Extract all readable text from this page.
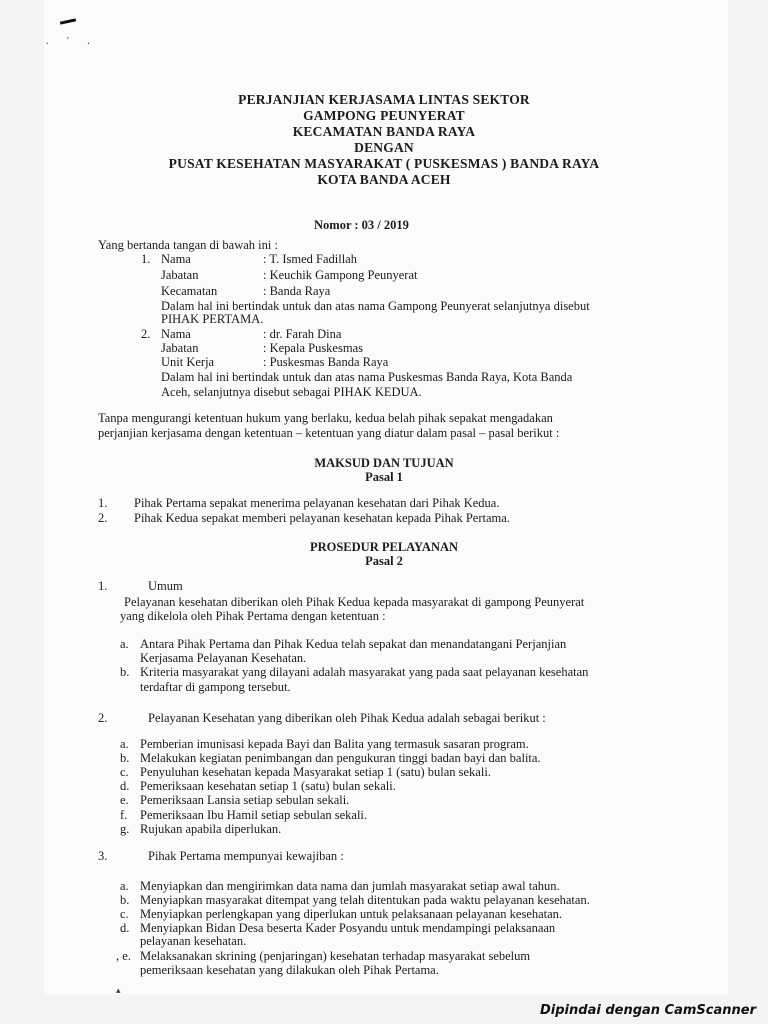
. ' .
▴
PERJANJIAN KERJASAMA LINTAS SEKTOR
GAMPONG PEUNYERAT
KECAMATAN BANDA RAYA
DENGAN
PUSAT KESEHATAN MASYARAKAT ( PUSKESMAS ) BANDA RAYA
KOTA BANDA ACEH
Nomor : 03 / 2019
Yang bertanda tangan di bawah ini :
1. Nama	: T. Ismed Fadillah
Jabatan	: Keuchik Gampong Peunyerat
Kecamatan	: Banda Raya
Dalam hal ini bertindak untuk dan atas nama Gampong Peunyerat selanjutnya disebut
PIHAK PERTAMA.
2. Nama	: dr. Farah Dina
Jabatan	: Kepala Puskesmas
Unit Kerja	: Puskesmas Banda Raya
Dalam hal ini bertindak untuk dan atas nama Puskesmas Banda Raya, Kota Banda
Aceh, selanjutnya disebut sebagai PIHAK KEDUA.
Tanpa mengurangi ketentuan hukum yang berlaku, kedua belah pihak sepakat mengadakan
perjanjian kerjasama dengan ketentuan – ketentuan yang diatur dalam pasal – pasal berikut :
MAKSUD DAN TUJUAN
Pasal 1
1. Pihak Pertama sepakat menerima pelayanan kesehatan dari Pihak Kedua.
2. Pihak Kedua sepakat memberi pelayanan kesehatan kepada Pihak Pertama.
PROSEDUR PELAYANAN
Pasal 2
1.	Umum
Pelayanan kesehatan diberikan oleh Pihak Kedua kepada masyarakat di gampong Peunyerat
yang dikelola oleh Pihak Pertama dengan ketentuan :
a. Antara Pihak Pertama dan Pihak Kedua telah sepakat dan menandatangani Perjanjian
Kerjasama Pelayanan Kesehatan.
b. Kriteria masyarakat yang dilayani adalah masyarakat yang pada saat pelayanan kesehatan
terdaftar di gampong tersebut.
2.	Pelayanan Kesehatan yang diberikan oleh Pihak Kedua adalah sebagai berikut :
a. Pemberian imunisasi kepada Bayi dan Balita yang termasuk sasaran program.
b. Melakukan kegiatan penimbangan dan pengukuran tinggi badan bayi dan balita.
c. Penyuluhan kesehatan kepada Masyarakat setiap 1 (satu) bulan sekali.
d. Pemeriksaan kesehatan setiap 1 (satu) bulan sekali.
e. Pemeriksaan Lansia setiap sebulan sekali.
f. Pemeriksaan Ibu Hamil setiap sebulan sekali.
g. Rujukan apabila diperlukan.
3.	Pihak Pertama mempunyai kewajiban :
a. Menyiapkan dan mengirimkan data nama dan jumlah masyarakat setiap awal tahun.
b. Menyiapkan masyarakat ditempat yang telah ditentukan pada waktu pelayanan kesehatan.
c. Menyiapkan perlengkapan yang diperlukan untuk pelaksanaan pelayanan kesehatan.
d. Menyiapkan Bidan Desa beserta Kader Posyandu untuk mendampingi pelaksanaan
pelayanan kesehatan.
, e. Melaksanakan skrining (penjaringan) kesehatan terhadap masyarakat sebelum
pemeriksaan kesehatan yang dilakukan oleh Pihak Pertama.
Dipindai dengan CamScanner
